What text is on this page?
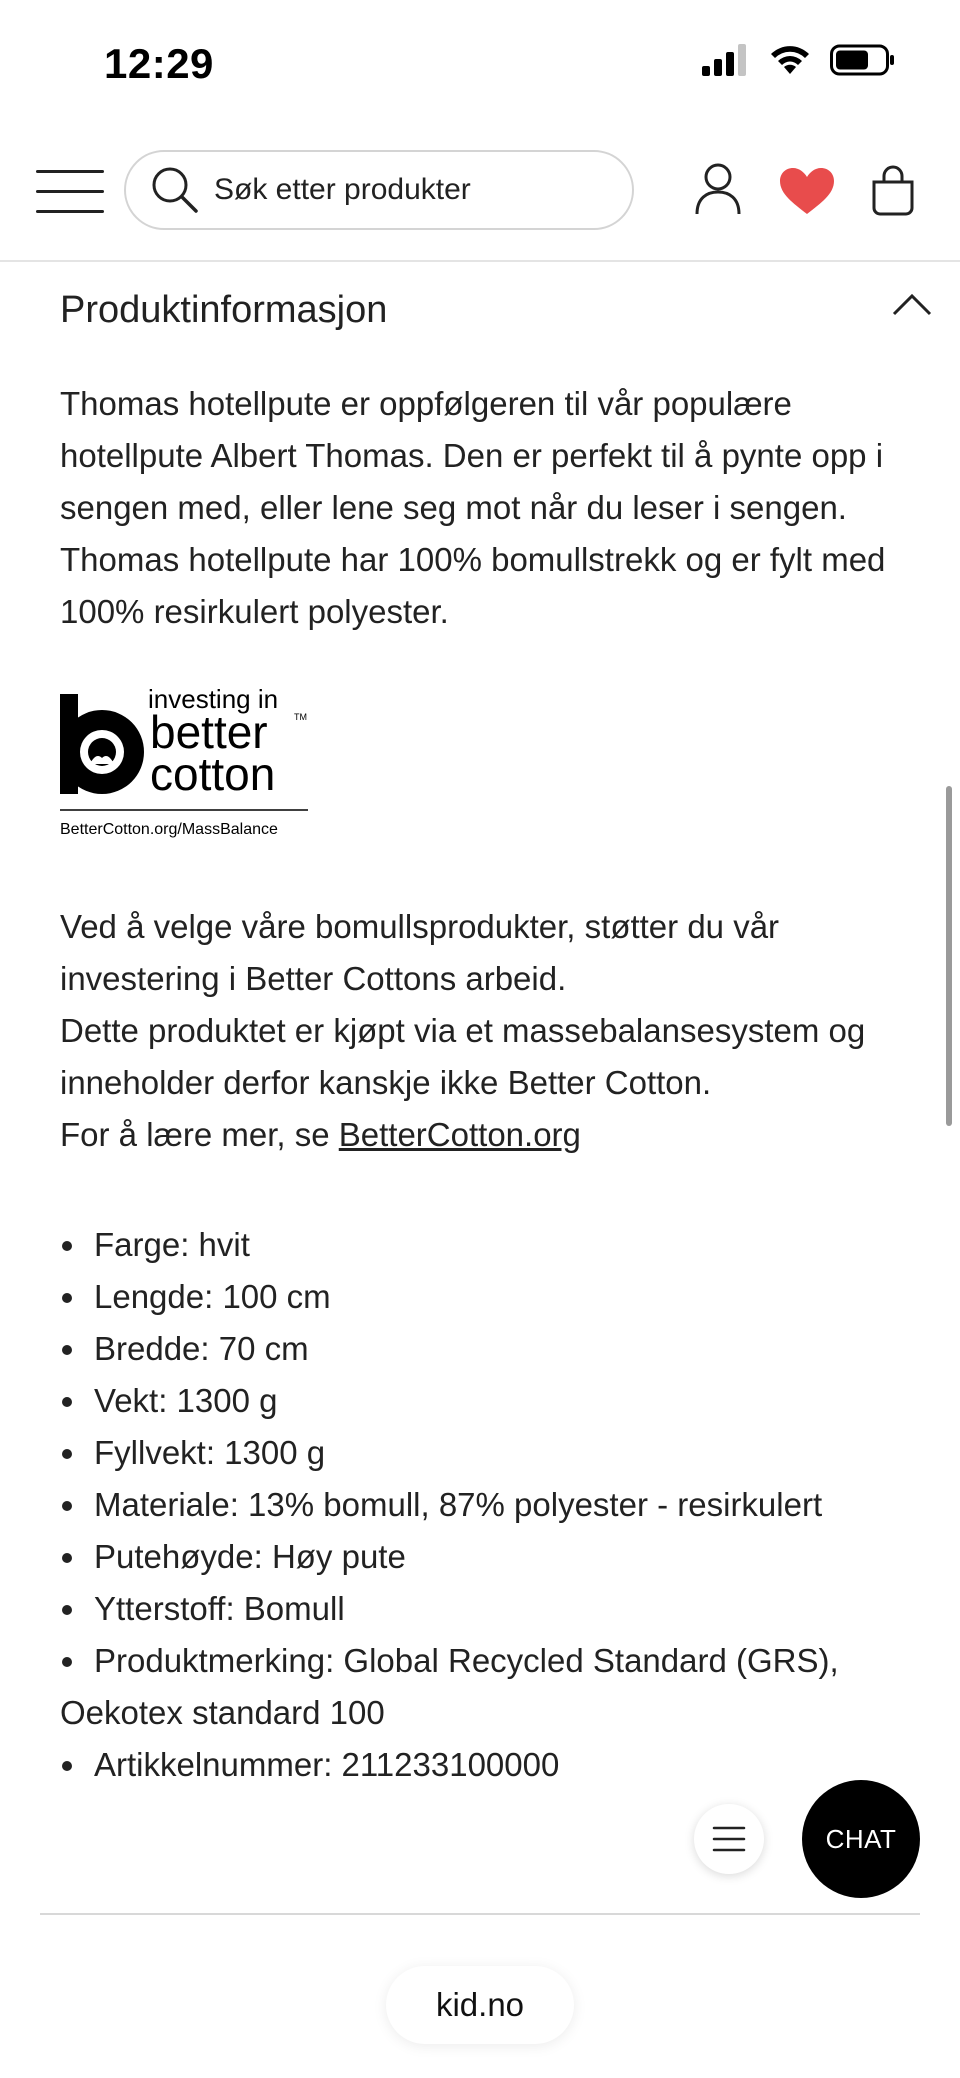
12:29
Søk etter produkter
Produktinformasjon

Thomas hotellpute er oppfølgeren til vår populære hotellpute Albert Thomas. Den er perfekt til å pynte opp i sengen med, eller lene seg mot når du leser i sengen. Thomas hotellpute har 100% bomullstrekk og er fylt med 100% resirkulert polyester.

investing in
better	TM
cotton
BetterCotton.org/MassBalance

Ved å velge våre bomullsprodukter, støtter du vår investering i Better Cottons arbeid.

Dette produktet er kjøpt via et massebalansesystem og inneholder derfor kanskje ikke Better Cotton.

For å lære mer, se BetterCotton.org

Farge: hvit
Lengde: 100 cm
Bredde: 70 cm
Vekt: 1300 g
Fyllvekt: 1300 g
Materiale: 13% bomull, 87% polyester - resirkulert
Putehøyde: Høy pute
Ytterstoff: Bomull
Produktmerking: Global Recycled Standard (GRS), Oekotex standard 100
Artikkelnummer: 211233100000
CHAT
kid.no
